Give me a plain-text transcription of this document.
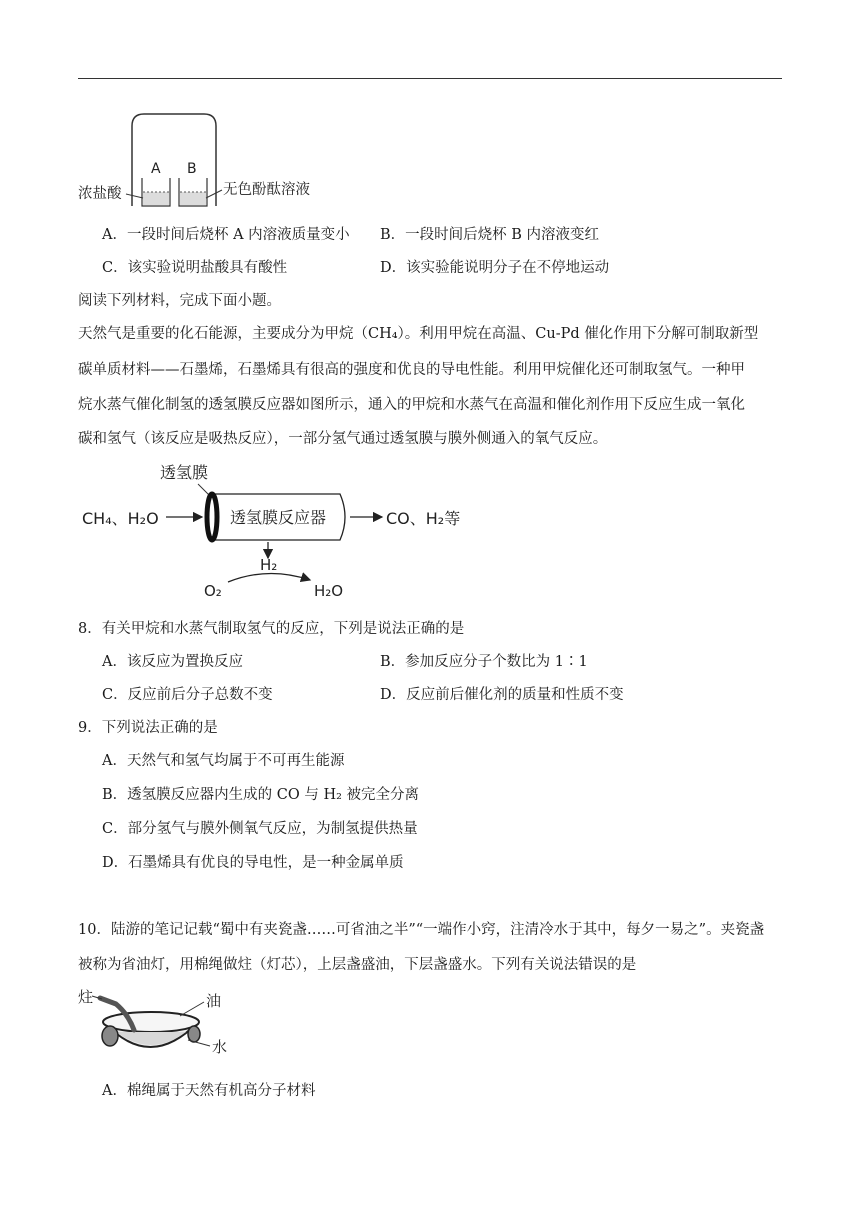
A B
浓盐酸	无色酚酞溶液
A．一段时间后烧杯 A 内溶液质量变小 B．一段时间后烧杯 B 内溶液变红
C．该实验说明盐酸具有酸性	D．该实验能说明分子在不停地运动
阅读下列材料，完成下面小题。
天然气是重要的化石能源，主要成分为甲烷（CH₄）。利用甲烷在高温、Cu-Pd 催化作用下分解可制取新型
碳单质材料——石墨烯，石墨烯具有很高的强度和优良的导电性能。利用甲烷催化还可制取氢气。一种甲
烷水蒸气催化制氢的透氢膜反应器如图所示，通入的甲烷和水蒸气在高温和催化剂作用下反应生成一氧化
碳和氢气（该反应是吸热反应），一部分氢气通过透氢膜与膜外侧通入的氧气反应。
透氢膜
CH₄、H₂O	透氢膜反应器	CO、H₂等
H₂
O₂	H₂O
8．有关甲烷和水蒸气制取氢气的反应，下列是说法正确的是
A．该反应为置换反应	B．参加反应分子个数比为 1∶1
C．反应前后分子总数不变	D．反应前后催化剂的质量和性质不变
9．下列说法正确的是
A．天然气和氢气均属于不可再生能源
B．透氢膜反应器内生成的 CO 与 H₂ 被完全分离
C．部分氢气与膜外侧氧气反应，为制氢提供热量
D．石墨烯具有优良的导电性，是一种金属单质
10．陆游的笔记记载“蜀中有夹瓷盏……可省油之半”“一端作小窍，注清冷水于其中，每夕一易之”。夹瓷盏
被称为省油灯，用棉绳做炷（灯芯），上层盏盛油，下层盏盛水。下列有关说法错误的是
炷	油
水
A．棉绳属于天然有机高分子材料
